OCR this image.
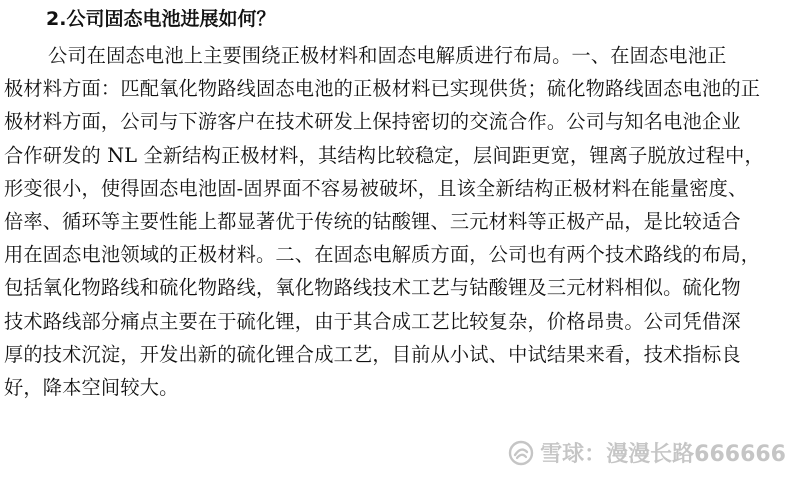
2.公司固态电池进展如何？
公司在固态电池上主要围绕正极材料和固态电解质进行布局。一、在固态电池正
极材料方面：匹配氧化物路线固态电池的正极材料已实现供货；硫化物路线固态电池的正
极材料方面，公司与下游客户在技术研发上保持密切的交流合作。公司与知名电池企业
合作研发的 NL 全新结构正极材料，其结构比较稳定，层间距更宽，锂离子脱放过程中，
形变很小，使得固态电池固-固界面不容易被破坏，且该全新结构正极材料在能量密度、
倍率、循环等主要性能上都显著优于传统的钴酸锂、三元材料等正极产品，是比较适合
用在固态电池领域的正极材料。二、在固态电解质方面，公司也有两个技术路线的布局，
包括氧化物路线和硫化物路线，氧化物路线技术工艺与钴酸锂及三元材料相似。硫化物
技术路线部分痛点主要在于硫化锂，由于其合成工艺比较复杂，价格昂贵。公司凭借深
厚的技术沉淀，开发出新的硫化锂合成工艺，目前从小试、中试结果来看，技术指标良
好，降本空间较大。
雪球：漫漫长路666666
